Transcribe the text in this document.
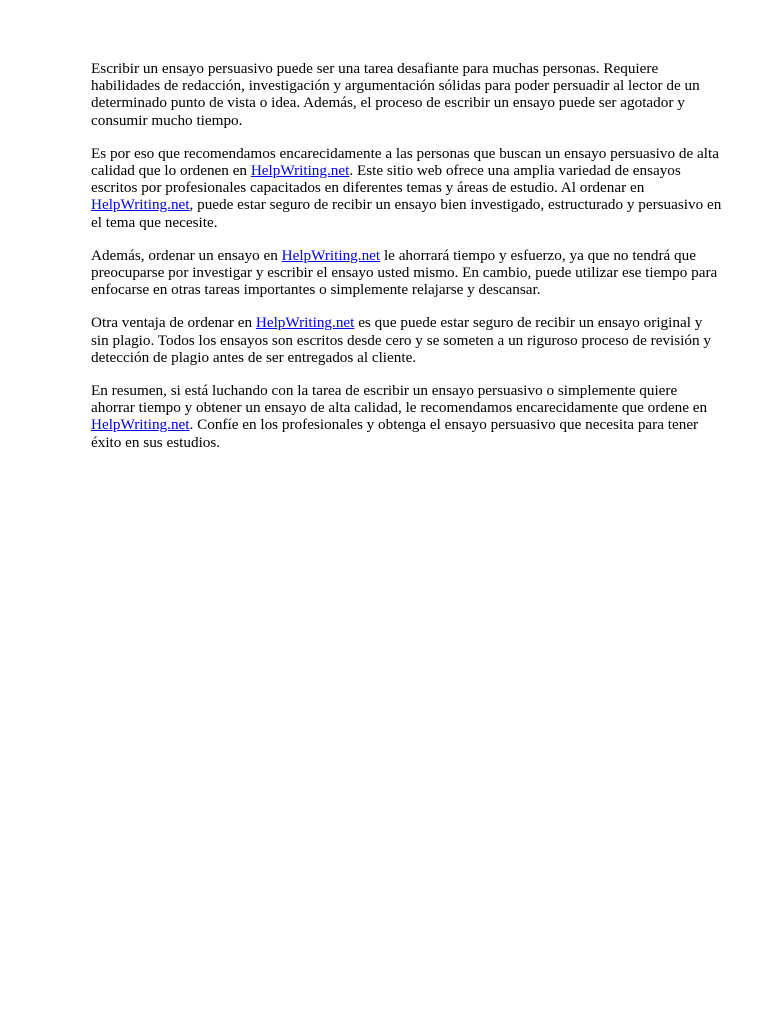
Escribir un ensayo persuasivo puede ser una tarea desafiante para muchas personas. Requiere habilidades de redacción, investigación y argumentación sólidas para poder persuadir al lector de un determinado punto de vista o idea. Además, el proceso de escribir un ensayo puede ser agotador y consumir mucho tiempo.

Es por eso que recomendamos encarecidamente a las personas que buscan un ensayo persuasivo de alta calidad que lo ordenen en HelpWriting.net. Este sitio web ofrece una amplia variedad de ensayos escritos por profesionales capacitados en diferentes temas y áreas de estudio. Al ordenar en HelpWriting.net, puede estar seguro de recibir un ensayo bien investigado, estructurado y persuasivo en el tema que necesite.

Además, ordenar un ensayo en HelpWriting.net le ahorrará tiempo y esfuerzo, ya que no tendrá que preocuparse por investigar y escribir el ensayo usted mismo. En cambio, puede utilizar ese tiempo para enfocarse en otras tareas importantes o simplemente relajarse y descansar.

Otra ventaja de ordenar en HelpWriting.net es que puede estar seguro de recibir un ensayo original y sin plagio. Todos los ensayos son escritos desde cero y se someten a un riguroso proceso de revisión y detección de plagio antes de ser entregados al cliente.

En resumen, si está luchando con la tarea de escribir un ensayo persuasivo o simplemente quiere ahorrar tiempo y obtener un ensayo de alta calidad, le recomendamos encarecidamente que ordene en HelpWriting.net. Confíe en los profesionales y obtenga el ensayo persuasivo que necesita para tener éxito en sus estudios.
